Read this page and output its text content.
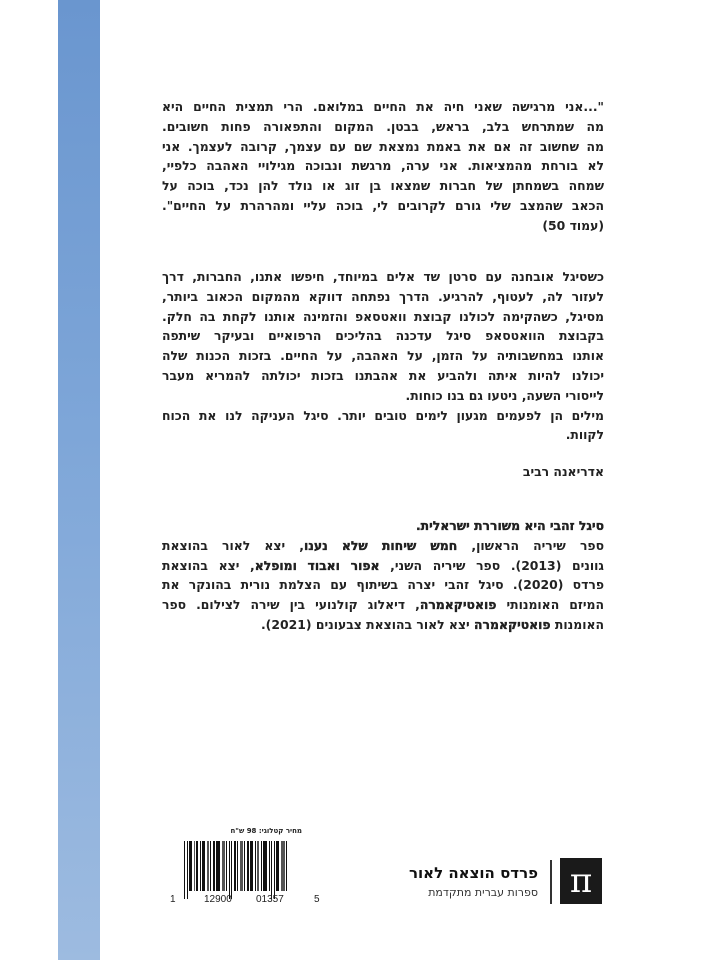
"...אני מרגישה שאני חיה את החיים במלואם. הרי תמצית החיים היא
מה שמתרחש בלב, בראש, בבטן. המקום והתפאורה פחות חשובים.
מה שחשוב זה אם את באמת נמצאת שם עם עצמך, קרובה לעצמך. אני
לא בורחת מהמציאות. אני ערה, מרגשת ונבוכה מגילויי האהבה כלפיי,
שמחה בשמחתן של חברות שמצאו בן זוג או נולד להן נכד, בוכה על
הכאב שהמצב שלי גורם לקרובים לי, בוכה עליי ומהרהרת על החיים".
(עמוד 50)
כשסיגל אובחנה עם סרטן שד אלים במיוחד, חיפשו אתנו, החברות, דרך
לעזור לה, לעטוף, להרגיע. הדרך נפתחה דווקא מהמקום הכאוב ביותר,
מסיגל, כשהקימה לכולנו קבוצת וואטסאפ והזמינה אותנו לקחת בה חלק.
בקבוצת הוואטסאפ סיגל עדכנה בהליכים הרפואיים ובעיקר שיתפה
אותנו במחשבותיה על הזמן, על האהבה, על החיים. בזכות הכנות שלה
יכולנו להיות איתה ולהביע את אהבתנו בזכות יכולתה להמריא מעבר
לייסורי השעה, ניטעו גם בנו כוחות.
מילים הן לפעמים מגעון לימים טובים יותר. סיגל העניקה לנו את הכוח
לקוות.
אדריאנה רביב
סיגל זהבי היא משוררת ישראלית.
ספר שיריה הראשון, חמש שיחות שלא נענו, יצא לאור בהוצאת
גוונים (2013). ספר שיריה השני, אפור ואבוד ומופלא, יצא בהוצאת
פרדס (2020). סיגל זהבי יצרה בשיתוף עם הצלמת נורית בהונקר את
המיזם האומנותי פואטיקאמרה, דיאלוג קולנועי בין שירה לצילום. ספר
האומנות פואטיקאמרה יצא לאור בהוצאת צבעונים (2021).
מחיר קטלוגי: 98 ש"ח
1	12900 01357	5
פרדס הוצאה לאור
ספרות עברית מתקדמת π
